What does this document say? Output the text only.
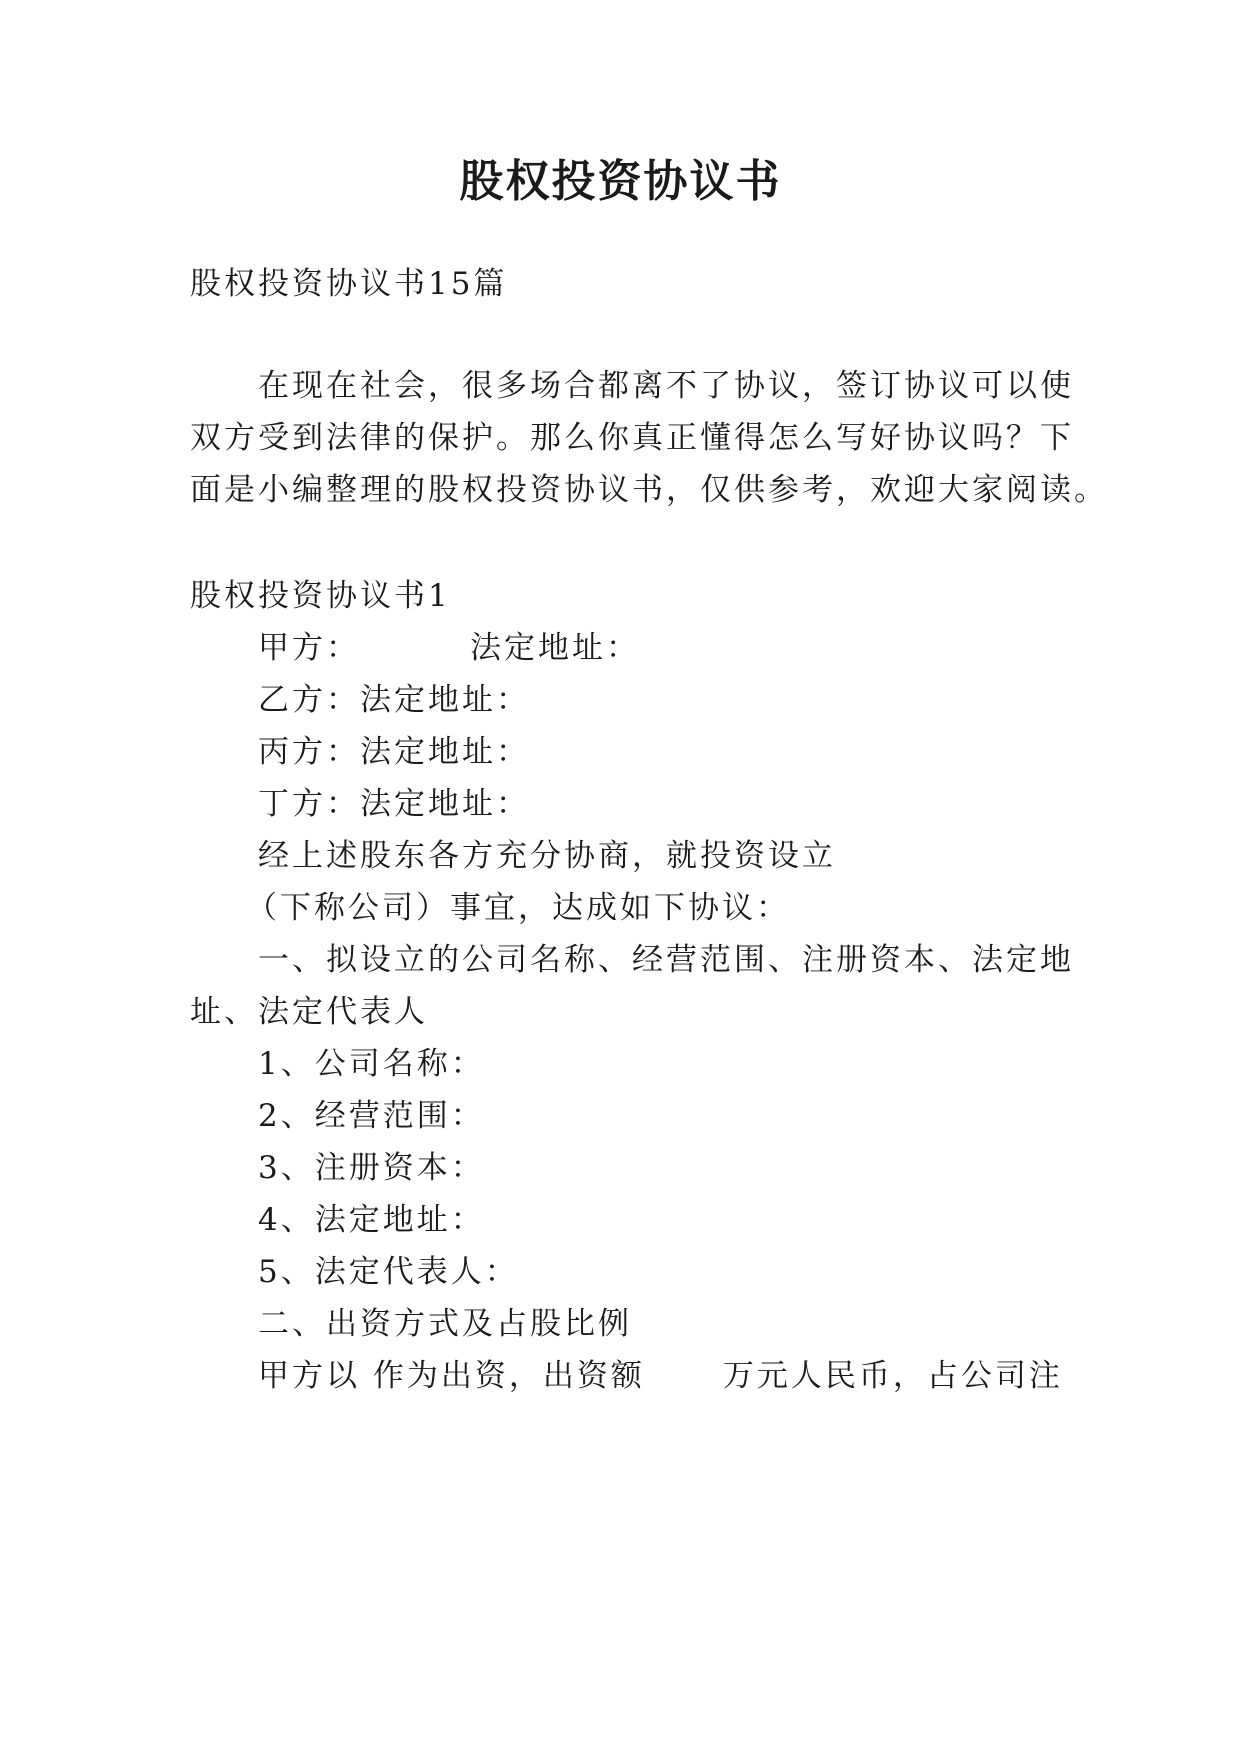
股权投资协议书
股权投资协议书15篇
在现在社会，很多场合都离不了协议，签订协议可以使
双方受到法律的保护。那么你真正懂得怎么写好协议吗？下
面是小编整理的股权投资协议书，仅供参考，欢迎大家阅读。
股权投资协议书1
甲方：	法定地址：
乙方：法定地址：
丙方：法定地址：
丁方：法定地址：
经上述股东各方充分协商，就投资设立
（下称公司）事宜，达成如下协议：
一、拟设立的公司名称、经营范围、注册资本、法定地
址、法定代表人
1、公司名称：
2、经营范围：
3、注册资本：
4、法定地址：
5、法定代表人：
二、出资方式及占股比例
甲方以 作为出资，出资额	万元人民币，占公司注
